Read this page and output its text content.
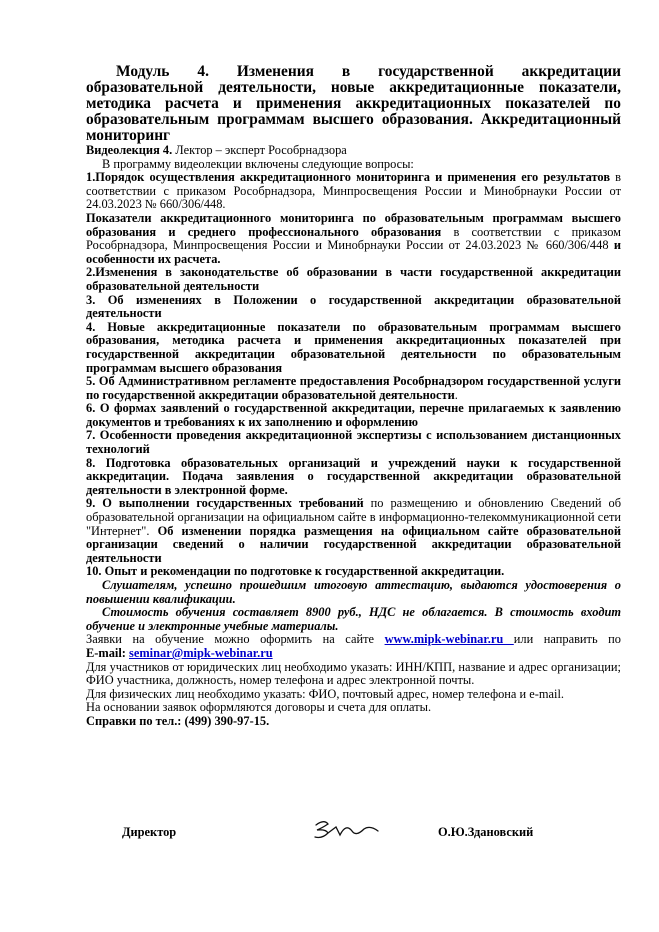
Модуль 4. Изменения в государственной аккредитации образовательной деятельности, новые аккредитационные показатели, методика расчета и применения аккредитационных показателей по образовательным программам высшего образования. Аккредитационный мониторинг

Видеолекция 4. Лектор – эксперт Рособрнадзора

В программу видеолекции включены следующие вопросы:

1.Порядок осуществления аккредитационного мониторинга и применения его результатов в соответствии с приказом Рособрнадзора, Минпросвещения России и Минобрнауки России от 24.03.2023 № 660/306/448.

Показатели аккредитационного мониторинга по образовательным программам высшего образования и среднего профессионального образования в соответствии с приказом Рособрнадзора, Минпросвещения России и Минобрнауки России от 24.03.2023 № 660/306/448 и особенности их расчета.

2.Изменения в законодательстве об образовании в части государственной аккредитации образовательной деятельности

3. Об изменениях в Положении о государственной аккредитации образовательной деятельности

4. Новые аккредитационные показатели по образовательным программам высшего образования, методика расчета и применения аккредитационных показателей при государственной аккредитации образовательной деятельности по образовательным программам высшего образования

5. Об Административном регламенте предоставления Рособрнадзором государственной услуги по государственной аккредитации образовательной деятельности.

6. О формах заявлений о государственной аккредитации, перечне прилагаемых к заявлению документов и требованиях к их заполнению и оформлению

7. Особенности проведения аккредитационной экспертизы с использованием дистанционных технологий

8. Подготовка образовательных организаций и учреждений науки к государственной аккредитации. Подача заявления о государственной аккредитации образовательной деятельности в электронной форме.

9. О выполнении государственных требований по размещению и обновлению Сведений об образовательной организации на официальном сайте в информационно-телекоммуникационной сети "Интернет". Об изменении порядка размещения на официальном сайте образовательной организации сведений о наличии государственной аккредитации образовательной деятельности

10. Опыт и рекомендации по подготовке к государственной аккредитации.

Слушателям, успешно прошедшим итоговую аттестацию, выдаются удостоверения о повышении квалификации.

Стоимость обучения составляет 8900 руб., НДС не облагается. В стоимость входит обучение и электронные учебные материалы.

Заявки на обучение можно оформить на сайте www.mipk-webinar.ru или направить по

E-mail: seminar@mipk-webinar.ru

Для участников от юридических лиц необходимо указать: ИНН/КПП, название и адрес организации; ФИО участника, должность, номер телефона и адрес электронной почты.

Для физических лиц необходимо указать: ФИО, почтовый адрес, номер телефона и e-mail.

На основании заявок оформляются договоры и счета для оплаты.

Справки по тел.: (499) 390-97-15.

Директор	О.Ю.Здановский
